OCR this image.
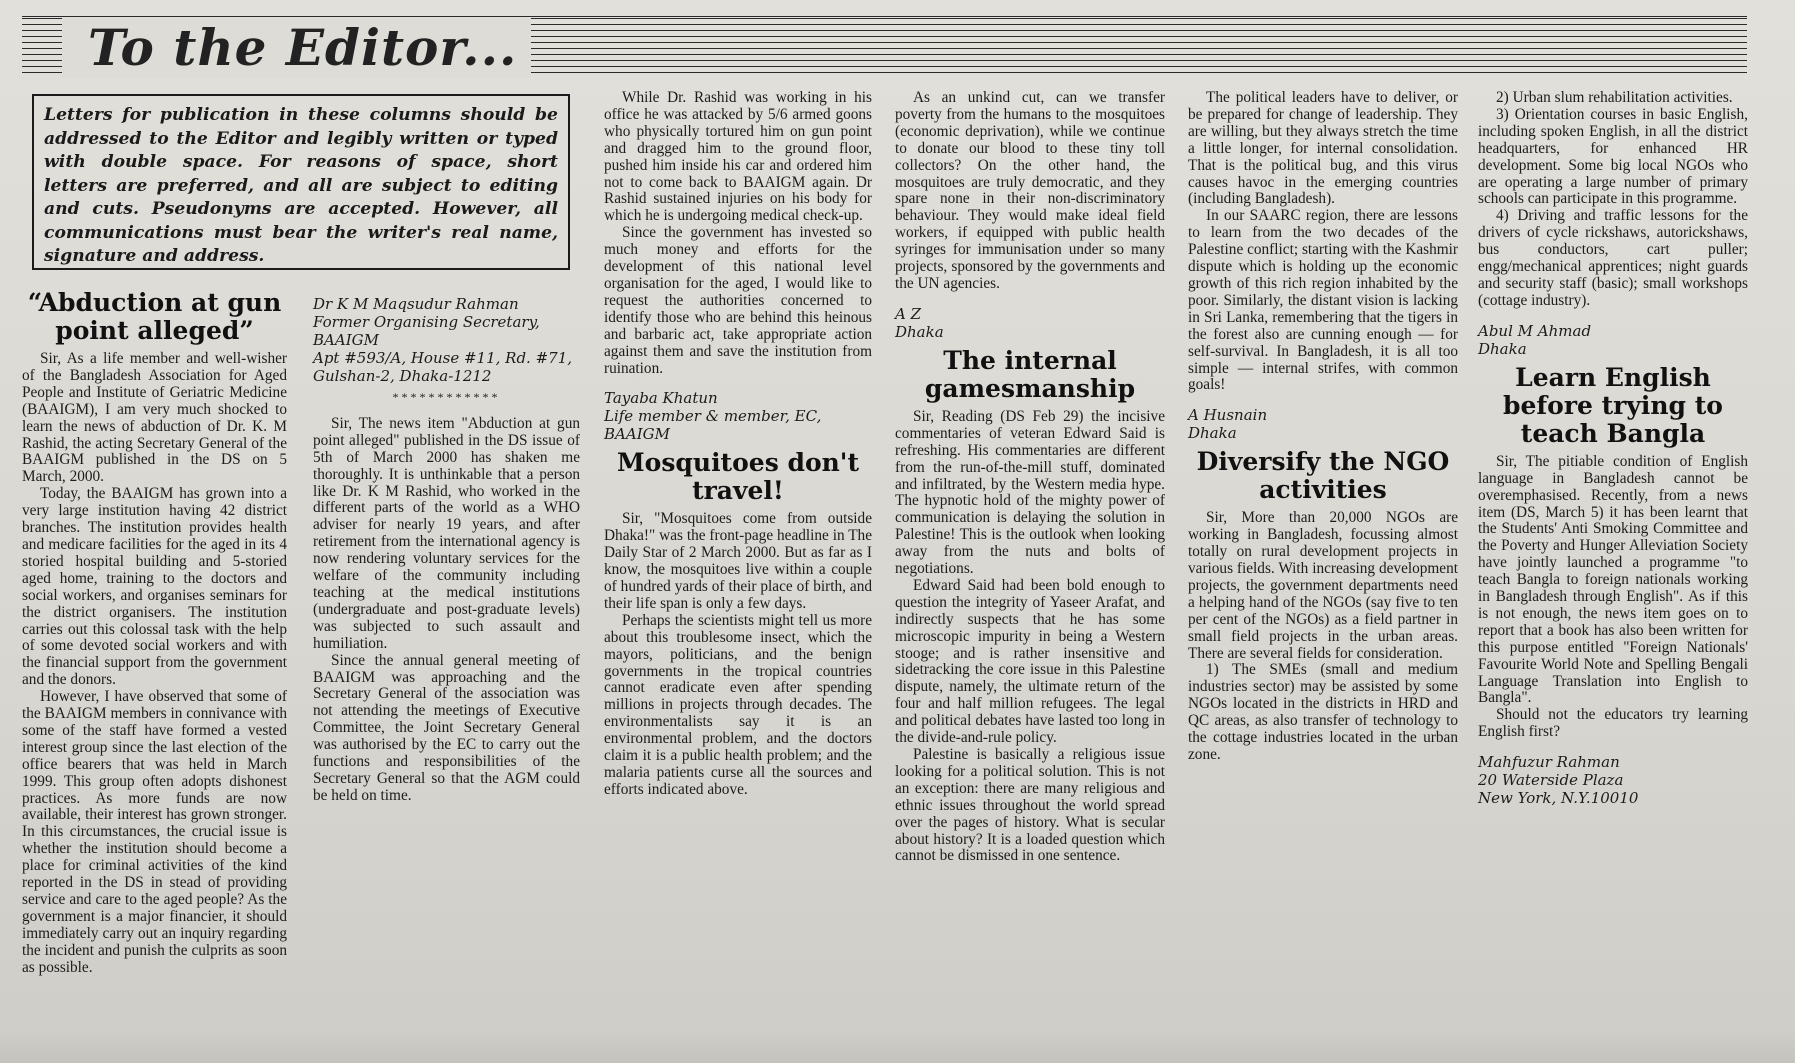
To the Editor...
Letters for publication in these columns should be addressed to the Editor and legibly written or typed with double space. For reasons of space, short letters are preferred, and all are subject to editing and cuts. Pseudonyms are accepted. However, all communications must bear the writer's real name, signature and address.
“Abduction at gun point alleged”

Sir, As a life member and well-wisher of the Bangladesh Association for Aged People and Institute of Geriatric Medicine (BAAIGM), I am very much shocked to learn the news of abduction of Dr. K. M Rashid, the acting Secretary General of the BAAIGM published in the DS on 5 March, 2000.

Today, the BAAIGM has grown into a very large institution having 42 district branches. The institution provides health and medicare facilities for the aged in its 4 storied hospital building and 5-storied aged home, training to the doctors and social workers, and organises seminars for the district organisers. The institution carries out this colossal task with the help of some devoted social workers and with the financial support from the government and the donors.

However, I have observed that some of the BAAIGM members in connivance with some of the staff have formed a vested interest group since the last election of the office bearers that was held in March 1999. This group often adopts dishonest practices. As more funds are now available, their interest has grown stronger. In this circumstances, the crucial issue is whether the institution should become a place for criminal activities of the kind reported in the DS in stead of providing service and care to the aged people? As the government is a major financier, it should immediately carry out an inquiry regarding the incident and punish the culprits as soon as possible.

Dr K M Maqsudur Rahman
Former Organising Secretary, BAAIGM
Apt #593/A, House #11, Rd. #71, Gulshan-2, Dhaka-1212
************

Sir, The news item "Abduction at gun point alleged" published in the DS issue of 5th of March 2000 has shaken me thoroughly. It is unthinkable that a person like Dr. K M Rashid, who worked in the different parts of the world as a WHO adviser for nearly 19 years, and after retirement from the international agency is now rendering voluntary services for the welfare of the community including teaching at the medical institutions (undergraduate and post-graduate levels) was subjected to such assault and humiliation.

Since the annual general meeting of BAAIGM was approaching and the Secretary General of the association was not attending the meetings of Executive Committee, the Joint Secretary General was authorised by the EC to carry out the functions and responsibilities of the Secretary General so that the AGM could be held on time.

While Dr. Rashid was working in his office he was attacked by 5/6 armed goons who physically tortured him on gun point and dragged him to the ground floor, pushed him inside his car and ordered him not to come back to BAAIGM again. Dr Rashid sustained injuries on his body for which he is undergoing medical check-up.

Since the government has invested so much money and efforts for the development of this national level organisation for the aged, I would like to request the authorities concerned to identify those who are behind this heinous and barbaric act, take appropriate action against them and save the institution from ruination.

Tayaba Khatun
Life member & member, EC, BAAIGM
Mosquitoes don't travel!

Sir, "Mosquitoes come from outside Dhaka!" was the front-page headline in The Daily Star of 2 March 2000. But as far as I know, the mosquitoes live within a couple of hundred yards of their place of birth, and their life span is only a few days.

Perhaps the scientists might tell us more about this troublesome insect, which the mayors, politicians, and the benign governments in the tropical countries cannot eradicate even after spending millions in projects through decades. The environmentalists say it is an environmental problem, and the doctors claim it is a public health problem; and the malaria patients curse all the sources and efforts indicated above.

As an unkind cut, can we transfer poverty from the humans to the mosquitoes (economic deprivation), while we continue to donate our blood to these tiny toll collectors? On the other hand, the mosquitoes are truly democratic, and they spare none in their non-discriminatory behaviour. They would make ideal field workers, if equipped with public health syringes for immunisation under so many projects, sponsored by the governments and the UN agencies.

A Z
Dhaka
The internal gamesmanship

Sir, Reading (DS Feb 29) the incisive commentaries of veteran Edward Said is refreshing. His commentaries are different from the run-of-the-mill stuff, dominated and infiltrated, by the Western media hype. The hypnotic hold of the mighty power of communication is delaying the solution in Palestine! This is the outlook when looking away from the nuts and bolts of negotiations.

Edward Said had been bold enough to question the integrity of Yaseer Arafat, and indirectly suspects that he has some microscopic impurity in being a Western stooge; and is rather insensitive and sidetracking the core issue in this Palestine dispute, namely, the ultimate return of the four and half million refugees. The legal and political debates have lasted too long in the divide-and-rule policy.

Palestine is basically a religious issue looking for a political solution. This is not an exception: there are many religious and ethnic issues throughout the world spread over the pages of history. What is secular about history? It is a loaded question which cannot be dismissed in one sentence.

The political leaders have to deliver, or be prepared for change of leadership. They are willing, but they always stretch the time a little longer, for internal consolidation. That is the political bug, and this virus causes havoc in the emerging countries (including Bangladesh).

In our SAARC region, there are lessons to learn from the two decades of the Palestine conflict; starting with the Kashmir dispute which is holding up the economic growth of this rich region inhabited by the poor. Similarly, the distant vision is lacking in Sri Lanka, remembering that the tigers in the forest also are cunning enough — for self-survival. In Bangladesh, it is all too simple — internal strifes, with common goals!

A Husnain
Dhaka
Diversify the NGO activities

Sir, More than 20,000 NGOs are working in Bangladesh, focussing almost totally on rural development projects in various fields. With increasing development projects, the government departments need a helping hand of the NGOs (say five to ten per cent of the NGOs) as a field partner in small field projects in the urban areas. There are several fields for consideration.

1) The SMEs (small and medium industries sector) may be assisted by some NGOs located in the districts in HRD and QC areas, as also transfer of technology to the cottage industries located in the urban zone.

2) Urban slum rehabilitation activities.

3) Orientation courses in basic English, including spoken English, in all the district headquarters, for enhanced HR development. Some big local NGOs who are operating a large number of primary schools can participate in this programme.

4) Driving and traffic lessons for the drivers of cycle rickshaws, autorickshaws, bus conductors, cart puller; engg/mechanical apprentices; night guards and security staff (basic); small workshops (cottage industry).

Abul M Ahmad
Dhaka
Learn English before trying to teach Bangla

Sir, The pitiable condition of English language in Bangladesh cannot be overemphasised. Recently, from a news item (DS, March 5) it has been learnt that the Students' Anti Smoking Committee and the Poverty and Hunger Alleviation Society have jointly launched a programme "to teach Bangla to foreign nationals working in Bangladesh through English". As if this is not enough, the news item goes on to report that a book has also been written for this purpose entitled "Foreign Nationals' Favourite World Note and Spelling Bengali Language Translation into English to Bangla".

Should not the educators try learning English first?

Mahfuzur Rahman
20 Waterside Plaza
New York, N.Y.10010
